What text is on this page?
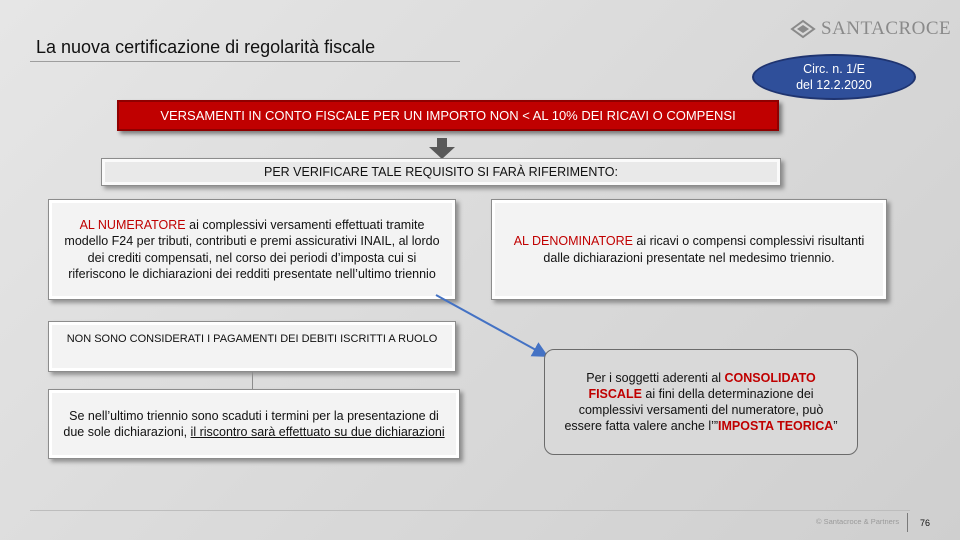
La nuova certificazione di regolarità fiscale
SANTACROCE
Circ. n. 1/E
del 12.2.2020
VERSAMENTI IN CONTO FISCALE PER UN IMPORTO NON < AL 10% DEI RICAVI O COMPENSI
PER VERIFICARE TALE REQUISITO SI FARÀ RIFERIMENTO:
AL NUMERATORE ai complessivi versamenti effettuati tramite modello F24 per tributi, contributi e premi assicurativi INAIL, al lordo dei crediti compensati, nel corso dei periodi d’imposta cui si riferiscono le dichiarazioni dei redditi presentate nell’ultimo triennio
AL DENOMINATORE ai ricavi o compensi complessivi risultanti dalle dichiarazioni presentate nel medesimo triennio.
NON SONO CONSIDERATI I PAGAMENTI DEI DEBITI ISCRITTI A RUOLO
Se nell’ultimo triennio sono scaduti i termini per la presentazione di due sole dichiarazioni, il riscontro sarà effettuato su due dichiarazioni
Per i soggetti aderenti al CONSOLIDATO FISCALE ai fini della determinazione dei complessivi versamenti del numeratore, può essere fatta valere anche l’”IMPOSTA TEORICA”
© Santacroce & Partners 76
